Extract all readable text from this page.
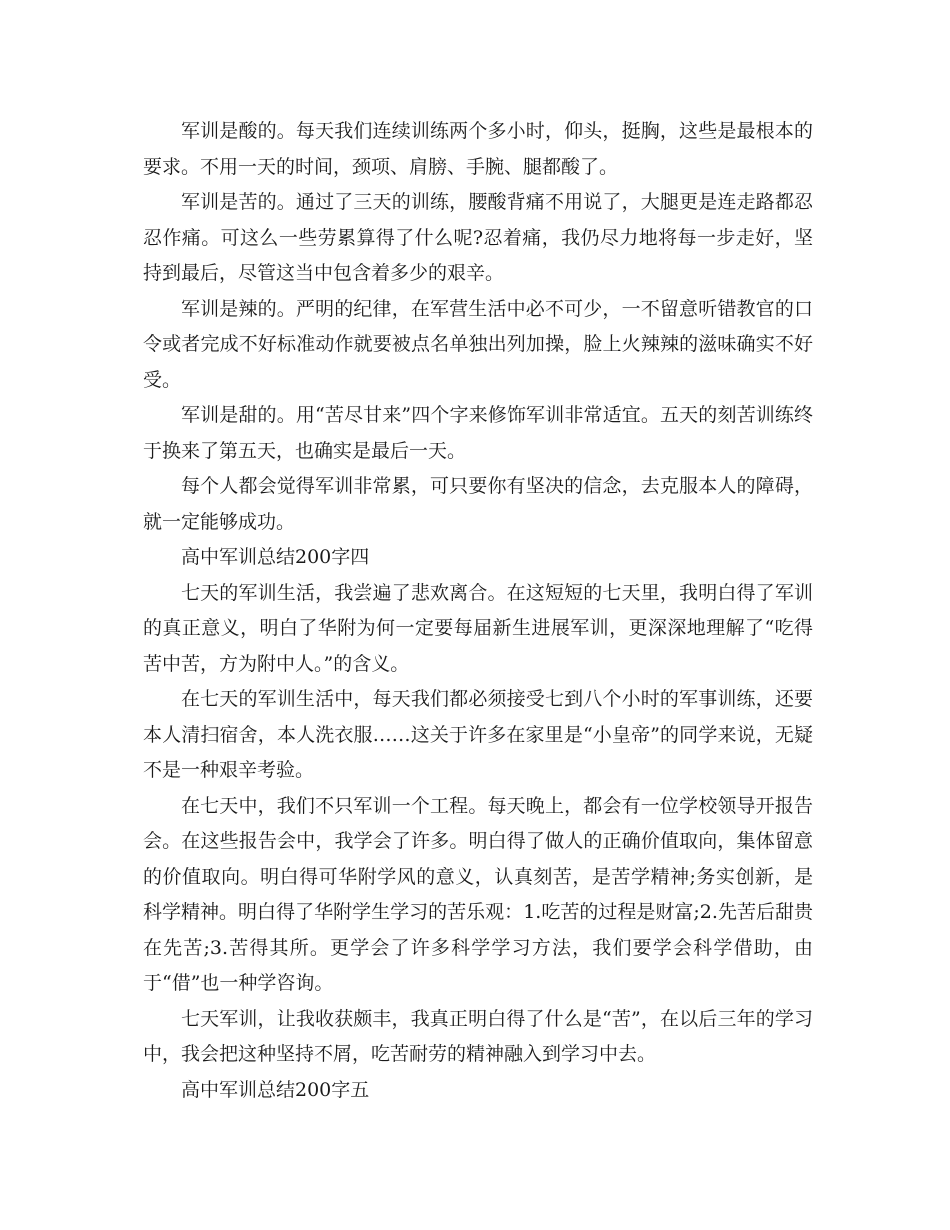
军训是酸的。每天我们连续训练两个多小时，仰头，挺胸，这些是最根本的要求。不用一天的时间，颈项、肩膀、手腕、腿都酸了。

军训是苦的。通过了三天的训练，腰酸背痛不用说了，大腿更是连走路都忍忍作痛。可这么一些劳累算得了什么呢?忍着痛，我仍尽力地将每一步走好，坚持到最后，尽管这当中包含着多少的艰辛。

军训是辣的。严明的纪律，在军营生活中必不可少，一不留意听错教官的口令或者完成不好标准动作就要被点名单独出列加操，脸上火辣辣的滋味确实不好受。

军训是甜的。用“苦尽甘来”四个字来修饰军训非常适宜。五天的刻苦训练终于换来了第五天，也确实是最后一天。

每个人都会觉得军训非常累，可只要你有坚决的信念，去克服本人的障碍，就一定能够成功。

高中军训总结200字四

七天的军训生活，我尝遍了悲欢离合。在这短短的七天里，我明白得了军训的真正意义，明白了华附为何一定要每届新生进展军训，更深深地理解了“吃得苦中苦，方为附中人。”的含义。

在七天的军训生活中，每天我们都必须接受七到八个小时的军事训练，还要本人清扫宿舍，本人洗衣服……这关于许多在家里是“小皇帝”的同学来说，无疑不是一种艰辛考验。

在七天中，我们不只军训一个工程。每天晚上，都会有一位学校领导开报告会。在这些报告会中，我学会了许多。明白得了做人的正确价值取向，集体留意的价值取向。明白得可华附学风的意义，认真刻苦，是苦学精神;务实创新，是科学精神。明白得了华附学生学习的苦乐观：1.吃苦的过程是财富;2.先苦后甜贵在先苦;3.苦得其所。更学会了许多科学学习方法，我们要学会科学借助，由于“借”也一种学咨询。

七天军训，让我收获颇丰，我真正明白得了什么是“苦”，在以后三年的学习中，我会把这种坚持不屑，吃苦耐劳的精神融入到学习中去。

高中军训总结200字五
